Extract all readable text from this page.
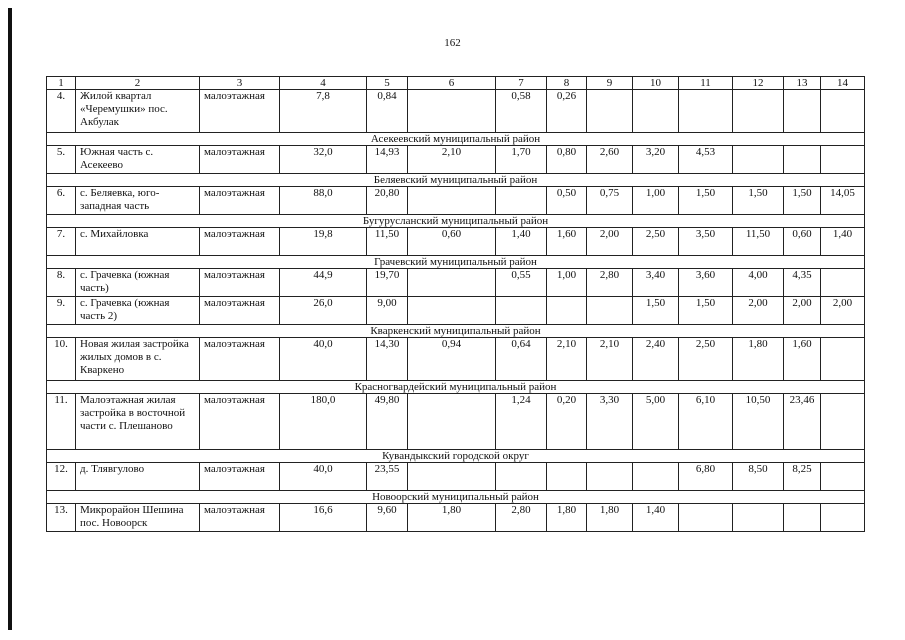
162
1	2	3	4	5	6	7	8	9	10	11	12	13	14
4.	Жилой квартал «Черемушки» пос. Акбулак	малоэтажная	7,8	0,84		0,58	0,26						
Асекеевский муниципальный район													
5.	Южная часть с. Асекеево	малоэтажная	32,0	14,93	2,10	1,70	0,80	2,60	3,20	4,53			
Беляевский муниципальный район													
6.	с. Беляевка, юго-западная часть	малоэтажная	88,0	20,80			0,50	0,75	1,00	1,50	1,50	1,50	14,05
Бугурусланский муниципальный район													
7.	с. Михайловка	малоэтажная	19,8	11,50	0,60	1,40	1,60	2,00	2,50	3,50	11,50	0,60	1,40
Грачевский муниципальный район													
8.	с. Грачевка (южная часть)	малоэтажная	44,9	19,70		0,55	1,00	2,80	3,40	3,60	4,00	4,35	
9.	с. Грачевка (южная часть 2)	малоэтажная	26,0	9,00					1,50	1,50	2,00	2,00	2,00
Кваркенский муниципальный район													
10.	Новая жилая застройка жилых домов в с. Кваркено	малоэтажная	40,0	14,30	0,94	0,64	2,10	2,10	2,40	2,50	1,80	1,60	
Красногвардейский муниципальный район													
11.	Малоэтажная жилая застройка в восточной части с. Плешаново	малоэтажная	180,0	49,80		1,24	0,20	3,30	5,00	6,10	10,50	23,46	
Кувандыкский городской округ													
12.	д. Тлявгулово	малоэтажная	40,0	23,55						6,80	8,50	8,25	
Новоорский муниципальный район													
13.	Микрорайон Шешина пос. Новоорск	малоэтажная	16,6	9,60	1,80	2,80	1,80	1,80	1,40				
